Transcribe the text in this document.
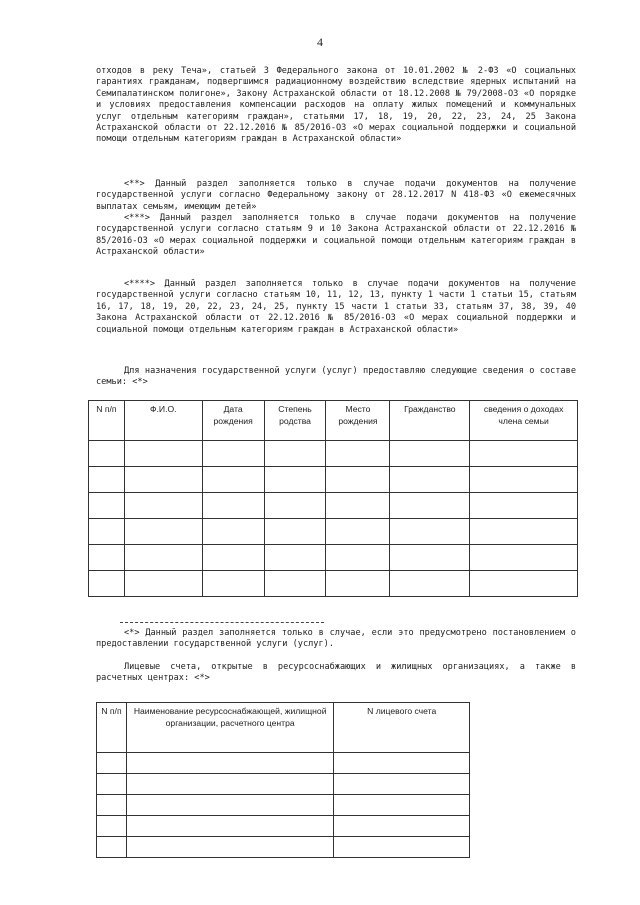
4

отходов в реку Теча», статьей 3 Федерального закона от 10.01.2002 № 2-ФЗ «О социальных гарантиях гражданам, подвергшимся радиационному воздействию вследствие ядерных испытаний на Семипалатинском полигоне», Закону Астраханской области от 18.12.2008 № 79/2008-ОЗ «О порядке и условиях предоставления компенсации расходов на оплату жилых помещений и коммунальных услуг отдельным категориям граждан», статьями 17, 18, 19, 20, 22, 23, 24, 25 Закона Астраханской области от 22.12.2016 № 85/2016-ОЗ «О мерах социальной поддержки и социальной помощи отдельным категориям граждан в Астраханской области»

<**> Данный раздел заполняется только в случае подачи документов на получение государственной услуги согласно Федеральному закону от 28.12.2017 N 418-ФЗ «О ежемесячных выплатах семьям, имеющим детей»

<***> Данный раздел заполняется только в случае подачи документов на получение государственной услуги согласно статьям 9 и 10 Закона Астраханской области от 22.12.2016 № 85/2016-ОЗ «О мерах социальной поддержки и социальной помощи отдельным категориям граждан в Астраханской области»

<****> Данный раздел заполняется только в случае подачи документов на получение государственной услуги согласно статьям 10, 11, 12, 13, пункту 1 части 1 статьи 15, статьям 16, 17, 18, 19, 20, 22, 23, 24, 25, пункту 15 части 1 статьи 33, статьям 37, 38, 39, 40 Закона Астраханской области от 22.12.2016 № 85/2016-ОЗ «О мерах социальной поддержки и социальной помощи отдельным категориям граждан в Астраханской области»

Для назначения государственной услуги (услуг) предоставляю следующие сведения о составе семьи: <*>

N п/п	Ф.И.О.	Дата рождения	Степень родства	Место рождения	Гражданство	сведения о доходах члена семьи

<*> Данный раздел заполняется только в случае, если это предусмотрено постановлением о предоставлении государственной услуги (услуг).

Лицевые счета, открытые в ресурсоснабжающих и жилищных организациях, а также в расчетных центрах: <*>

N п/п	Наименование ресурсоснабжающей, жилищной организации, расчетного центра	N лицевого счета
